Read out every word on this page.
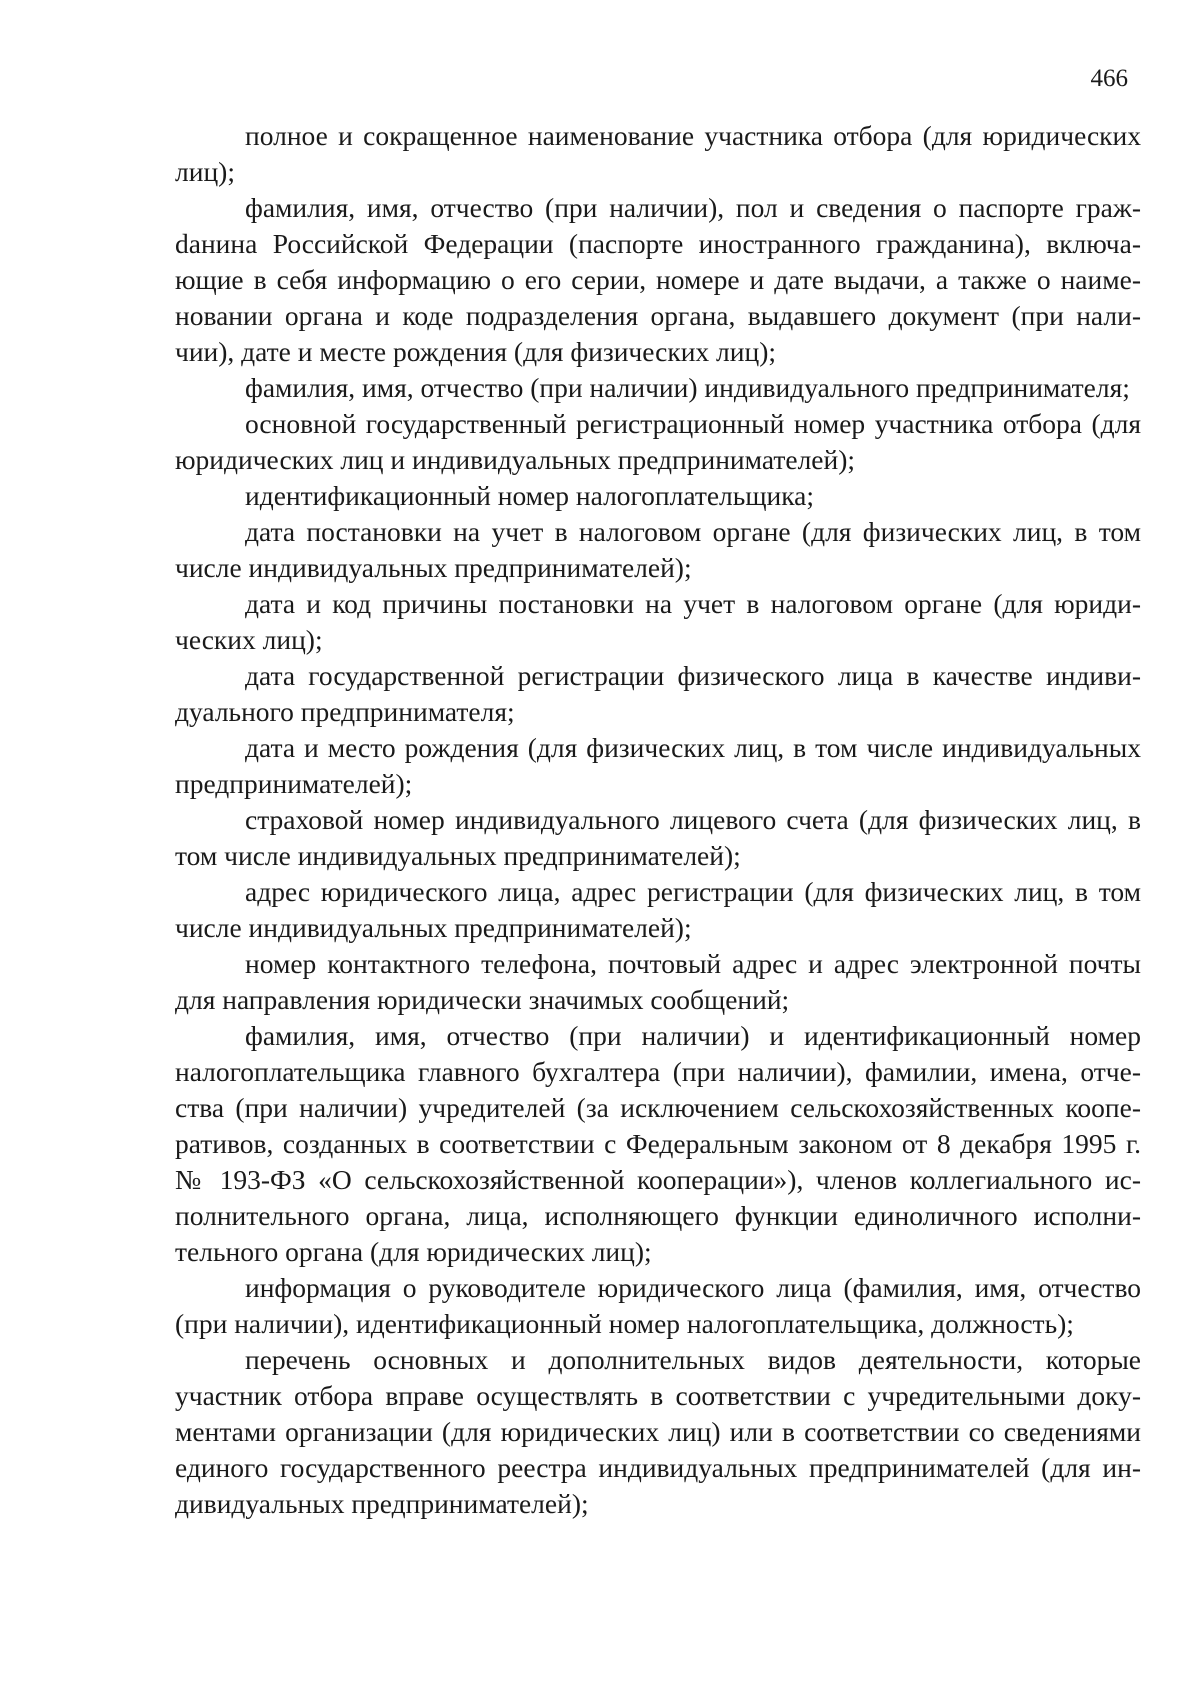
466

полное и сокращенное наименование участника отбора (для юридических лиц);

фамилия, имя, отчество (при наличии), пол и сведения о паспорте гражdанина Российской Федерации (паспорте иностранного гражданина), включающие в себя информацию о его серии, номере и дате выдачи, а также о наименовании органа и коде подразделения органа, выдавшего документ (при наличии), дате и месте рождения (для физических лиц);

фамилия, имя, отчество (при наличии) индивидуального предпринимателя;

основной государственный регистрационный номер участника отбора (для юридических лиц и индивидуальных предпринимателей);

идентификационный номер налогоплательщика;

дата постановки на учет в налоговом органе (для физических лиц, в том числе индивидуальных предпринимателей);

дата и код причины постановки на учет в налоговом органе (для юридических лиц);

дата государственной регистрации физического лица в качестве индивидуального предпринимателя;

дата и место рождения (для физических лиц, в том числе индивидуальных предпринимателей);

страховой номер индивидуального лицевого счета (для физических лиц, в том числе индивидуальных предпринимателей);

адрес юридического лица, адрес регистрации (для физических лиц, в том числе индивидуальных предпринимателей);

номер контактного телефона, почтовый адрес и адрес электронной почты для направления юридически значимых сообщений;

фамилия, имя, отчество (при наличии) и идентификационный номер налогоплательщика главного бухгалтера (при наличии), фамилии, имена, отчества (при наличии) учредителей (за исключением сельскохозяйственных кооперативов, созданных в соответствии с Федеральным законом от 8 декабря 1995 г. № 193-ФЗ «О сельскохозяйственной кооперации»), членов коллегиального исполнительного органа, лица, исполняющего функции единоличного исполнительного органа (для юридических лиц);

информация о руководителе юридического лица (фамилия, имя, отчество (при наличии), идентификационный номер налогоплательщика, должность);

перечень основных и дополнительных видов деятельности, которые участник отбора вправе осуществлять в соответствии с учредительными документами организации (для юридических лиц) или в соответствии со сведениями единого государственного реестра индивидуальных предпринимателей (для индивидуальных предпринимателей);
